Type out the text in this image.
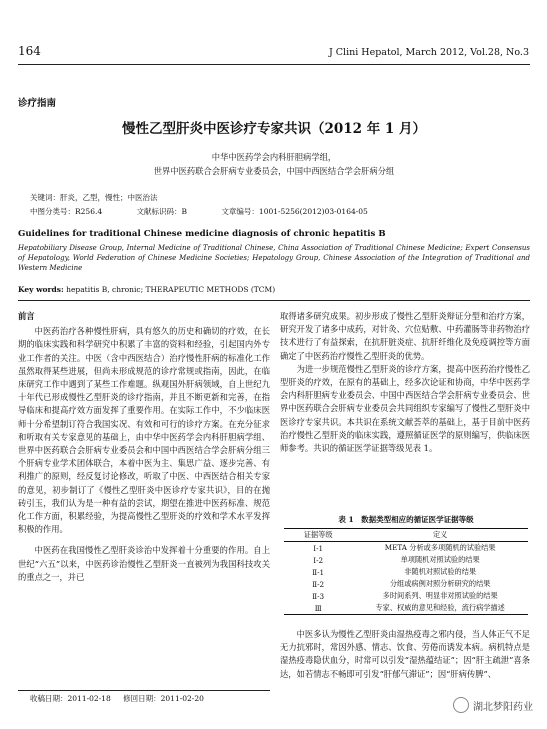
164	J Clini Hepatol, March 2012, Vol.28, No.3
诊疗指南
慢性乙型肝炎中医诊疗专家共识（2012 年 1 月）
中华中医药学会内科肝胆病学组，
世界中医药联合会肝病专业委员会，中国中西医结合学会肝病分组
关键词：肝炎，乙型，慢性；中医治法
中图分类号：R256.4	文献标识码：B	文章编号：1001-5256(2012)03-0164-05
Guidelines for traditional Chinese medicine diagnosis of chronic hepatitis B
Hepatobiliary Disease Group, Internal Medicine of Traditional Chinese, China Association of Traditional Chinese Medicine; Expert Consensus of Hepatology, World Federation of Chinese Medicine Societies; Hepatology Group, Chinese Association of the Integration of Traditional and Western Medicine
Key words: hepatitis B, chronic; THERAPEUTIC METHODS (TCM)
前言

中医药治疗各种慢性肝病，具有悠久的历史和确切的疗效，在长期的临床实践和科学研究中积累了丰富的资料和经验，引起国内外专业工作者的关注。中医（含中西医结合）治疗慢性肝病的标准化工作虽然取得某些进展，但尚未形成规范的诊疗常规或指南，因此，在临床研究工作中遇到了某些工作难题。纵观国外肝病领域，自上世纪九十年代已形成慢性乙型肝炎的诊疗指南，并且不断更新和完善，在指导临床和提高疗效方面发挥了重要作用。在实际工作中，不少临床医师十分希望制订符合我国实况、有效和可行的诊疗方案。在充分征求和听取有关专家意见的基础上，由中华中医药学会内科肝胆病学组、世界中医药联合会肝病专业委员会和中国中西医结合学会肝病分组三个肝病专业学术团体联合，本着中医为主、集思广益、逐步完善、有利推广的原则，经反复讨论修改，听取了中医、中西医结合相关专家的意见，初步制订了《慢性乙型肝炎中医诊疗专家共识》，目的在抛砖引玉，我们认为是一种有益的尝试，期望在推进中医药标准、规范化工作方面，积累经验，为提高慢性乙型肝炎的疗效和学术水平发挥积极的作用。

中医药在我国慢性乙型肝炎诊治中发挥着十分重要的作用。自上世纪“六五”以来，中医药诊治慢性乙型肝炎一直被列为我国科技攻关的重点之一，并已

收稿日期：2011-02-18 修回日期：2011-02-20

取得诸多研究成果。初步形成了慢性乙型肝炎辩证分型和治疗方案，研究开发了诸多中成药，对针灸、穴位贴敷、中药灌肠等非药物治疗技术进行了有益探索，在抗肝脏炎症、抗肝纤维化及免疫调控等方面确定了中医药治疗慢性乙型肝炎的优势。

为进一步规范慢性乙型肝炎的诊疗方案，提高中医药治疗慢性乙型肝炎的疗效，在原有的基础上，经多次论证和协商，中华中医药学会内科肝胆病专业委员会、中国中西医结合学会肝病专业委员会、世界中医药联合会肝病专业委员会共同组织专家编写了慢性乙型肝炎中医诊疗专家共识。本共识在系统文献荟萃的基础上，基于目前中医药治疗慢性乙型肝炎的临床实践，遵照循证医学的原则编写，供临床医师参考。共识的循证医学证据等级见表 1。

表 1　数据类型相应的循证医学证据等级
证据等级	定义
Ⅰ-1	META 分析或多项随机的试验结果
Ⅰ-2	单项随机对照试验的结果
Ⅱ-1	非随机对照试验的结果
Ⅱ-2	分组或病例对照分析研究的结果
Ⅱ-3	多时间系列、明显非对照试验的结果
Ⅲ	专家、权威的意见和经验，流行病学描述

中医多认为慢性乙型肝炎由湿热疫毒之邪内侵，当人体正气不足无力抗邪时，常因外感、情志、饮食、劳倦而诱发本病。病机特点是湿热疫毒隐伏血分，时常可以引发“湿热蕴结证”；因“肝主疏泄”喜条达，如若情志不畅即可引发“肝郁气滞证”；因“肝病传脾”、

湖北梦阳药业
